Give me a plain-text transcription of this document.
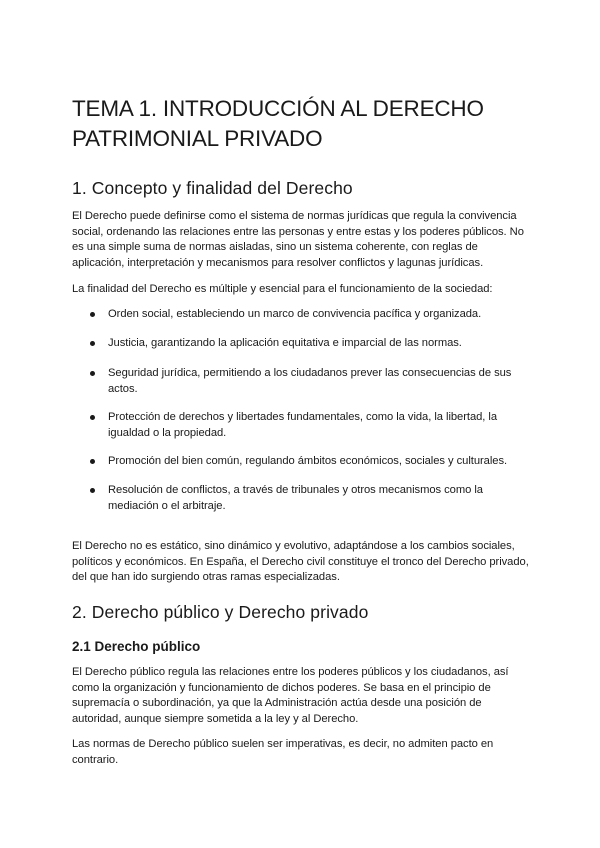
TEMA 1. INTRODUCCIÓN AL DERECHO PATRIMONIAL PRIVADO
1. Concepto y finalidad del Derecho

El Derecho puede definirse como el sistema de normas jurídicas que regula la convivencia social, ordenando las relaciones entre las personas y entre estas y los poderes públicos. No es una simple suma de normas aisladas, sino un sistema coherente, con reglas de aplicación, interpretación y mecanismos para resolver conflictos y lagunas jurídicas.

La finalidad del Derecho es múltiple y esencial para el funcionamiento de la sociedad:

Orden social, estableciendo un marco de convivencia pacífica y organizada.

Justicia, garantizando la aplicación equitativa e imparcial de las normas.

Seguridad jurídica, permitiendo a los ciudadanos prever las consecuencias de sus actos.

Protección de derechos y libertades fundamentales, como la vida, la libertad, la igualdad o la propiedad.

Promoción del bien común, regulando ámbitos económicos, sociales y culturales.

Resolución de conflictos, a través de tribunales y otros mecanismos como la mediación o el arbitraje.

El Derecho no es estático, sino dinámico y evolutivo, adaptándose a los cambios sociales, políticos y económicos. En España, el Derecho civil constituye el tronco del Derecho privado, del que han ido surgiendo otras ramas especializadas.

2. Derecho público y Derecho privado
2.1 Derecho público

El Derecho público regula las relaciones entre los poderes públicos y los ciudadanos, así como la organización y funcionamiento de dichos poderes. Se basa en el principio de supremacía o subordinación, ya que la Administración actúa desde una posición de autoridad, aunque siempre sometida a la ley y al Derecho.

Las normas de Derecho público suelen ser imperativas, es decir, no admiten pacto en contrario.
